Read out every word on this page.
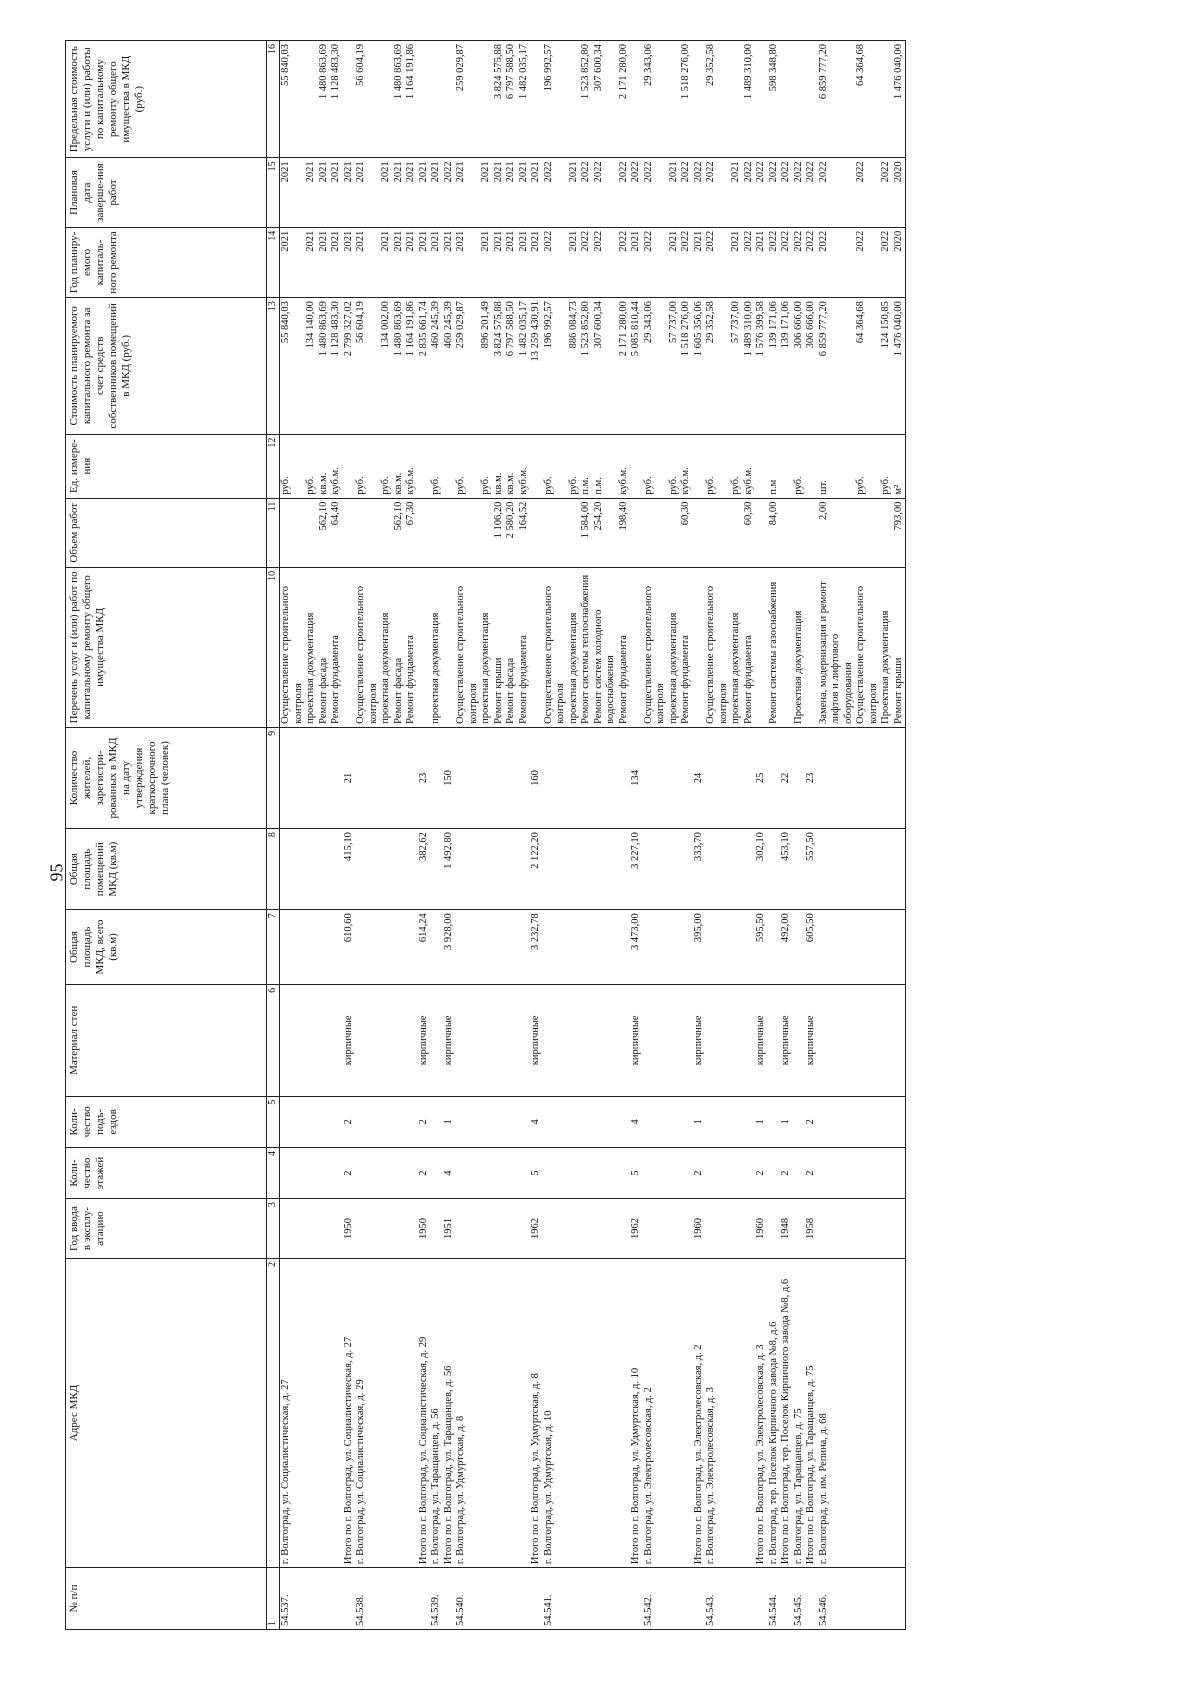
95
№ п/п	Адрес МКД	Год ввода в эксплу-атацию	Коли-чество этажей	Коли-чество подъ-ездов	Материал стен	Общая площадь МКД, всего (кв.м)	Общая площадь помещений МКД (кв.м)	Количество жителей, зарегистри-рованных в МКД на дату утверждения краткосрочного плана (человек)	Перечень услуг и (или) работ по капитальному ремонту общего имущества МКД	Объем работ	Ед. измере-ния	Стоимость планируемого капитального ремонта за счет средств собственников помещений в МКД (руб.)	Год планиру-емого капиталь-ного ремонта	Плановая дата заверше-ния работ	Предельная стоимость услуги и (или) работы по капитальному ремонту общего имущества в МКД (руб.)
1	2	3	4	5	6	7	8	9	10	11	12	13	14	15	16
54.537.	г. Волгоград, ул. Социалистическая, д. 27								Осуществление строительного контроля		руб.	55 840,03	2021	2021	55 840,03
									проектная документация		руб.	134 140,00	2021	2021	
									Ремонт фасада	562,10	кв.м.	1 480 863,69	2021	2021	1 480 863,69
									Ремонт фундамента	64,40	куб.м.	1 128 483,30	2021	2021	1 128 483,30
	Итого по г. Волгоград, ул. Социалистическая, д. 27	1950	2	2	кирпичные	610,60	415,10	21				2 799 327,02	2021	2021	
54.538.	г. Волгоград, ул. Социалистическая, д. 29								Осуществление строительного контроля		руб.	56 604,19	2021	2021	56 604,19
									проектная документация		руб.	134 002,00	2021	2021	
									Ремонт фасада	562,10	кв.м.	1 480 863,69	2021	2021	1 480 863,69
									Ремонт фундамента	67,30	куб.м.	1 164 191,86	2021	2021	1 164 191,86
	Итого по г. Волгоград, ул. Социалистическая, д. 29	1950	2	2	кирпичные	614,24	382,62	23				2 835 661,74	2021	2021	
54.539.	г. Волгоград, ул. Таращанцев, д. 56								проектная документация		руб.	460 245,39	2021	2021	
	Итого по г. Волгоград, ул. Таращанцев, д. 56	1951	4	1	кирпичные	3 928,00	1 492,80	150				460 245,39	2021	2022	
54.540.	г. Волгоград, ул. Удмуртская, д. 8								Осуществление строительного контроля		руб.	259 029,87	2021	2021	259 029,87
									проектная документация		руб.	896 201,49	2021	2021	
									Ремонт крыши	1 106,20	кв.м.	3 824 575,88	2021	2021	3 824 575,88
									Ремонт фасада	2 580,20	кв.м.	6 797 588,50	2021	2021	6 797 588,50
									Ремонт фундамента	164,52	куб.м.	1 482 035,17	2021	2021	1 482 035,17
	Итого по г. Волгоград, ул. Удмуртская, д. 8	1962	5	4	кирпичные	3 232,78	2 122,20	160				13 259 430,91	2021	2021	
54.541.	г. Волгоград, ул. Удмуртская, д. 10								Осуществление строительного контроля		руб.	196 992,57	2022	2022	196 992,57
									проектная документация		руб.	886 084,73	2021	2021	
									Ремонт системы теплоснабжения	1 584,00	п.м.	1 523 852,80	2022	2022	1 523 852,80
									Ремонт систем холодного водоснабжения	254,20	п.м.	307 600,34	2022	2022	307 600,34
									Ремонт фундамента	198,40	куб.м.	2 171 280,00	2022	2022	2 171 280,00
	Итого по г. Волгоград, ул. Удмуртская, д. 10	1962	5	4	кирпичные	3 473,00	3 227,10	134				5 085 810,44	2021	2022	
54.542.	г. Волгоград, ул. Электролесовская, д. 2								Осуществление строительного контроля		руб.	29 343,06	2022	2022	29 343,06
									проектная документация		руб.	57 737,00	2021	2021	
									Ремонт фундамента	60,30	куб.м.	1 518 276,00	2022	2022	1 518 276,00
	Итого по г. Волгоград, ул. Электролесовская, д. 2	1960	2	1	кирпичные	395,00	333,70	24				1 605 356,06	2021	2022	
54.543.	г. Волгоград, ул. Электролесовская, д. 3								Осуществление строительного контроля		руб.	29 352,58	2022	2022	29 352,58
									проектная документация		руб.	57 737,00	2021	2021	
									Ремонт фундамента	60,30	куб.м.	1 489 310,00	2022	2022	1 489 310,00
	Итого по г. Волгоград, ул. Электролесовская, д. 3	1960	2	1	кирпичные	595,50	302,10	25				1 576 399,58	2021	2022	
54.544.	г. Волгоград, тер. Поселок Кирпичного завода №8, д.6								Ремонт системы газоснабжения	84,00	п.м	139 171,06	2022	2022	598 348,80
	Итого по г. Волгоград, тер. Поселок Кирпичного завода №8, д.6	1948	2	1	кирпичные	492,00	453,10	22				139 171,06	2022	2022	
54.545.	г. Волгоград, ул. Таращанцев, д. 75								Проектная документация		руб.	306 666,00	2022	2022	
	Итого по г. Волгоград, ул. Таращанцев, д. 75	1958	2	2	кирпичные	605,50	557,50	23				306 666,00	2022	2022	
54.546.	г. Волгоград, ул. им. Репина, д. 68								Замена, модернизация и ремонт лифтов и лифтового оборудования	2,00	шт.	6 859 777,20	2022	2022	6 859 777,20
									Осуществление строительного контроля		руб.	64 364,68	2022	2022	64 364,68
									Проектная документация		руб.	124 150,85	2022	2022	
									Ремонт крыши	793,00	м²	1 476 040,00	2020	2020	1 476 040,00
